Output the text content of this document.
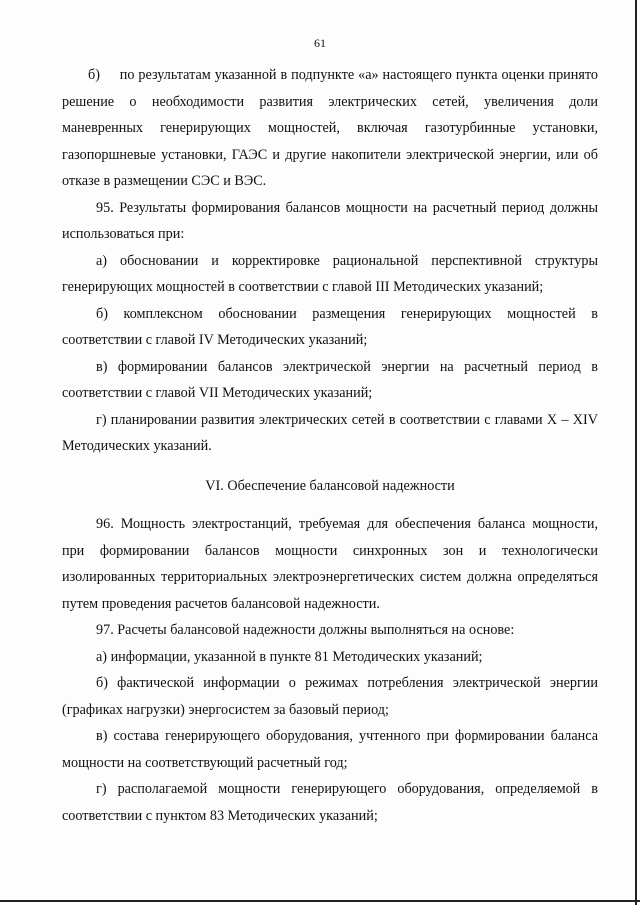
61

б)     по результатам указанной в подпункте «а» настоящего пункта оценки принято решение о необходимости развития электрических сетей, увеличения доли маневренных генерирующих мощностей, включая газотурбинные установки, газопоршневые установки, ГАЭС и другие накопители электрической энергии, или об отказе в размещении СЭС и ВЭС.

95. Результаты формирования балансов мощности на расчетный период должны использоваться при:

а) обосновании и корректировке рациональной перспективной структуры генерирующих мощностей в соответствии с главой III Методических указаний;

б) комплексном обосновании размещения генерирующих мощностей в соответствии с главой IV Методических указаний;

в) формировании балансов электрической энергии на расчетный период в соответствии с главой VII Методических указаний;

г) планировании развития электрических сетей в соответствии с главами X – XIV Методических указаний.

VI. Обеспечение балансовой надежности

96. Мощность электростанций, требуемая для обеспечения баланса мощности, при формировании балансов мощности синхронных зон и технологически изолированных территориальных электроэнергетических систем должна определяться путем проведения расчетов балансовой надежности.

97. Расчеты балансовой надежности должны выполняться на основе:

а) информации, указанной в пункте 81 Методических указаний;

б) фактической информации о режимах потребления электрической энергии (графиках нагрузки) энергосистем за базовый период;

в) состава генерирующего оборудования, учтенного при формировании баланса мощности на соответствующий расчетный год;

г) располагаемой мощности генерирующего оборудования, определяемой в соответствии с пунктом 83 Методических указаний;
